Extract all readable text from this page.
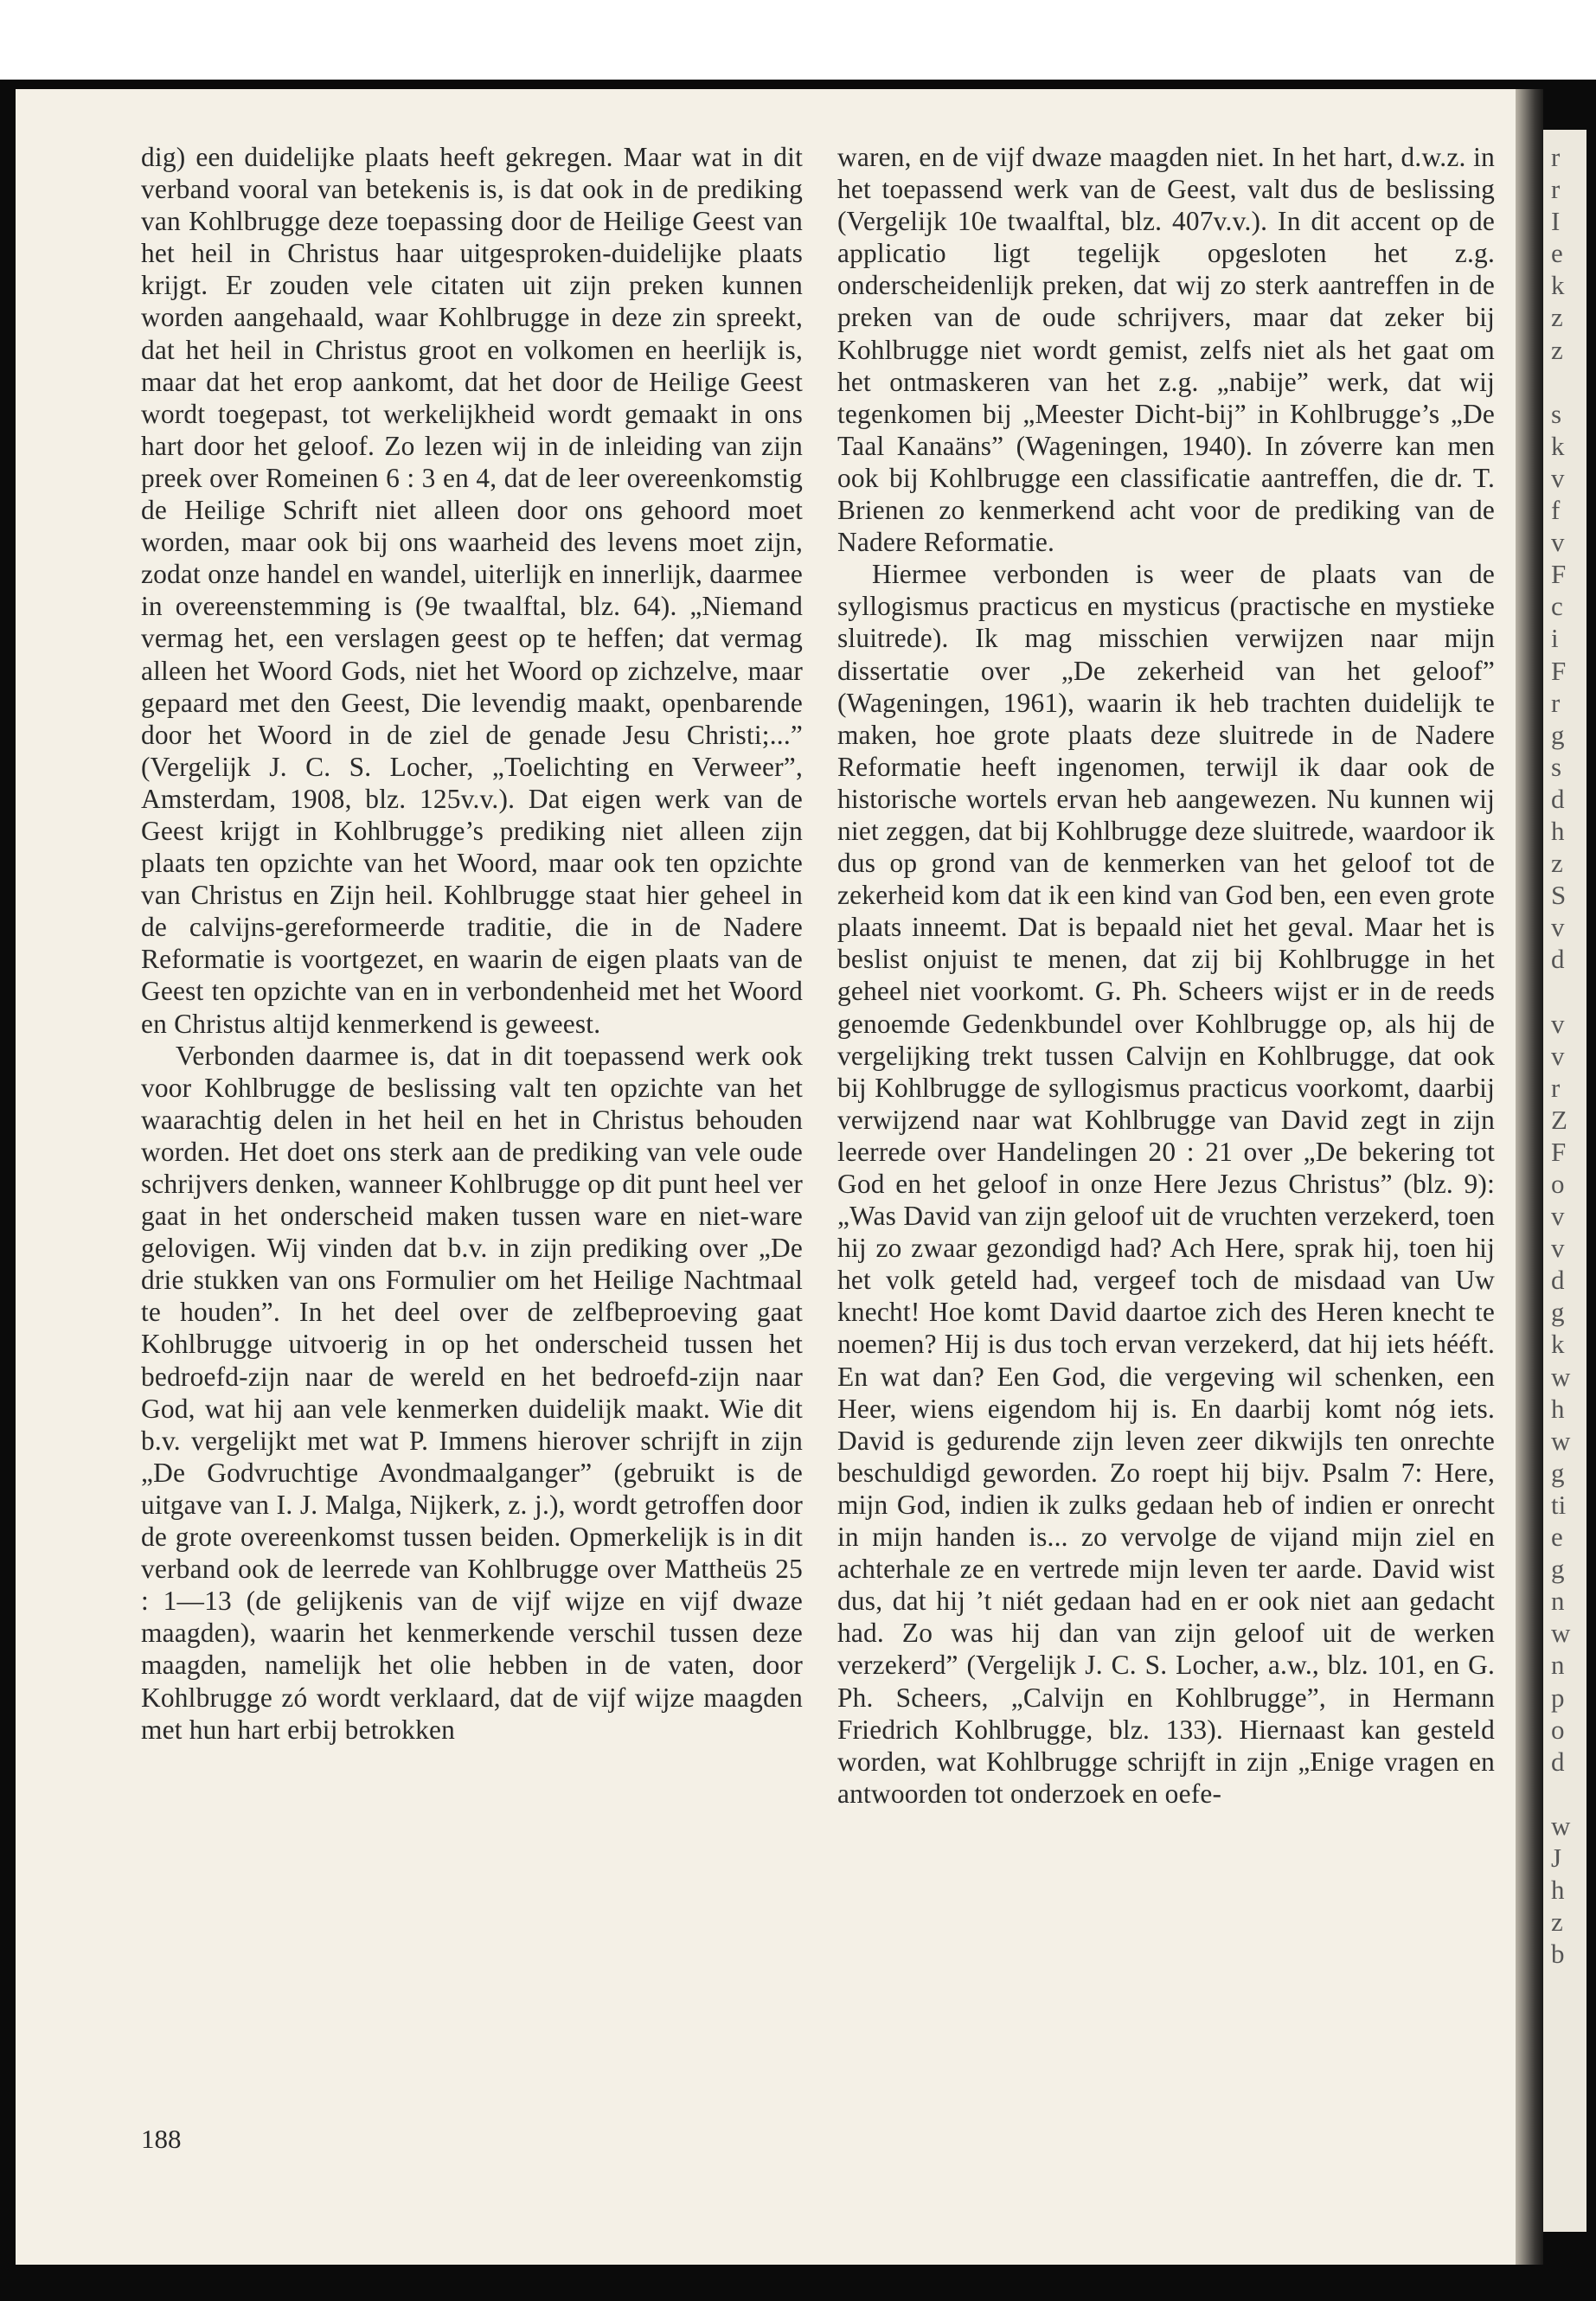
dig) een duidelijke plaats heeft gekregen. Maar wat in dit verband vooral van betekenis is, is dat ook in de prediking van Kohlbrugge deze toepassing door de Heilige Geest van het heil in Christus haar uitgesproken-duidelijke plaats krijgt. Er zouden vele citaten uit zijn preken kunnen worden aangehaald, waar Kohlbrugge in deze zin spreekt, dat het heil in Christus groot en volkomen en heerlijk is, maar dat het erop aankomt, dat het door de Heilige Geest wordt toegepast, tot werkelijkheid wordt gemaakt in ons hart door het geloof. Zo lezen wij in de inleiding van zijn preek over Romeinen 6 : 3 en 4, dat de leer overeenkomstig de Heilige Schrift niet alleen door ons gehoord moet worden, maar ook bij ons waarheid des levens moet zijn, zodat onze handel en wandel, uiterlijk en innerlijk, daarmee in overeenstemming is (9e twaalftal, blz. 64). „Niemand vermag het, een verslagen geest op te heffen; dat vermag alleen het Woord Gods, niet het Woord op zichzelve, maar gepaard met den Geest, Die levendig maakt, openbarende door het Woord in de ziel de genade Jesu Christi;...” (Vergelijk J. C. S. Locher, „Toelichting en Verweer”, Amsterdam, 1908, blz. 125v.v.). Dat eigen werk van de Geest krijgt in Kohlbrugge’s prediking niet alleen zijn plaats ten opzichte van het Woord, maar ook ten opzichte van Christus en Zijn heil. Kohlbrugge staat hier geheel in de calvijns-gereformeerde traditie, die in de Nadere Reformatie is voortgezet, en waarin de eigen plaats van de Geest ten opzichte van en in verbondenheid met het Woord en Christus altijd kenmerkend is geweest.

Verbonden daarmee is, dat in dit toepassend werk ook voor Kohlbrugge de beslissing valt ten opzichte van het waarachtig delen in het heil en het in Christus behouden worden. Het doet ons sterk aan de prediking van vele oude schrijvers denken, wanneer Kohlbrugge op dit punt heel ver gaat in het onderscheid maken tussen ware en niet-ware gelovigen. Wij vinden dat b.v. in zijn prediking over „De drie stukken van ons Formulier om het Heilige Nachtmaal te houden”. In het deel over de zelfbeproeving gaat Kohlbrugge uitvoerig in op het onderscheid tussen het bedroefd-zijn naar de wereld en het bedroefd-zijn naar God, wat hij aan vele kenmerken duidelijk maakt. Wie dit b.v. vergelijkt met wat P. Immens hierover schrijft in zijn „De Godvruchtige Avondmaalganger” (gebruikt is de uitgave van I. J. Malga, Nijkerk, z. j.), wordt getroffen door de grote overeenkomst tussen beiden. Opmerkelijk is in dit verband ook de leerrede van Kohlbrugge over Mattheüs 25 : 1—13 (de gelijkenis van de vijf wijze en vijf dwaze maagden), waarin het kenmerkende verschil tussen deze maagden, namelijk het olie hebben in de vaten, door Kohlbrugge zó wordt verklaard, dat de vijf wijze maagden met hun hart erbij betrokken

waren, en de vijf dwaze maagden niet. In het hart, d.w.z. in het toepassend werk van de Geest, valt dus de beslissing (Vergelijk 10e twaalftal, blz. 407v.v.). In dit accent op de applicatio ligt tegelijk opgesloten het z.g. onderscheidenlijk preken, dat wij zo sterk aantreffen in de preken van de oude schrijvers, maar dat zeker bij Kohlbrugge niet wordt gemist, zelfs niet als het gaat om het ontmaskeren van het z.g. „nabije” werk, dat wij tegenkomen bij „Meester Dicht-bij” in Kohlbrugge’s „De Taal Kanaäns” (Wageningen, 1940). In zóverre kan men ook bij Kohlbrugge een classificatie aantreffen, die dr. T. Brienen zo kenmerkend acht voor de prediking van de Nadere Reformatie.

Hiermee verbonden is weer de plaats van de syllogismus practicus en mysticus (practische en mystieke sluitrede). Ik mag misschien verwijzen naar mijn dissertatie over „De zekerheid van het geloof” (Wageningen, 1961), waarin ik heb trachten duidelijk te maken, hoe grote plaats deze sluitrede in de Nadere Reformatie heeft ingenomen, terwijl ik daar ook de historische wortels ervan heb aangewezen. Nu kunnen wij niet zeggen, dat bij Kohlbrugge deze sluitrede, waardoor ik dus op grond van de kenmerken van het geloof tot de zekerheid kom dat ik een kind van God ben, een even grote plaats inneemt. Dat is bepaald niet het geval. Maar het is beslist onjuist te menen, dat zij bij Kohlbrugge in het geheel niet voorkomt. G. Ph. Scheers wijst er in de reeds genoemde Gedenkbundel over Kohlbrugge op, als hij de vergelijking trekt tussen Calvijn en Kohlbrugge, dat ook bij Kohlbrugge de syllogismus practicus voorkomt, daarbij verwijzend naar wat Kohlbrugge van David zegt in zijn leerrede over Handelingen 20 : 21 over „De bekering tot God en het geloof in onze Here Jezus Christus” (blz. 9): „Was David van zijn geloof uit de vruchten verzekerd, toen hij zo zwaar gezondigd had? Ach Here, sprak hij, toen hij het volk geteld had, vergeef toch de misdaad van Uw knecht! Hoe komt David daartoe zich des Heren knecht te noemen? Hij is dus toch ervan verzekerd, dat hij iets hééft. En wat dan? Een God, die vergeving wil schenken, een Heer, wiens eigendom hij is. En daarbij komt nóg iets. David is gedurende zijn leven zeer dikwijls ten onrechte beschuldigd geworden. Zo roept hij bijv. Psalm 7: Here, mijn God, indien ik zulks gedaan heb of indien er onrecht in mijn handen is... zo vervolge de vijand mijn ziel en achterhale ze en vertrede mijn leven ter aarde. David wist dus, dat hij ’t niét gedaan had en er ook niet aan gedacht had. Zo was hij dan van zijn geloof uit de werken verzekerd” (Vergelijk J. C. S. Locher, a.w., blz. 101, en G. Ph. Scheers, „Calvijn en Kohlbrugge”, in Hermann Friedrich Kohlbrugge, blz. 133). Hiernaast kan gesteld worden, wat Kohlbrugge schrijft in zijn „Enige vragen en antwoorden tot onderzoek en oefe-

188
r
r
I
e
k
z
z
s
k
v
f
v
F
c
i
F
r
g
s
d
h
z
S
v
d
v
v
r
Z
F
o
v
v
d
g
k
w
h
w
g
ti
e
g
n
w
n
p
o
d
w
J
h
z
b
